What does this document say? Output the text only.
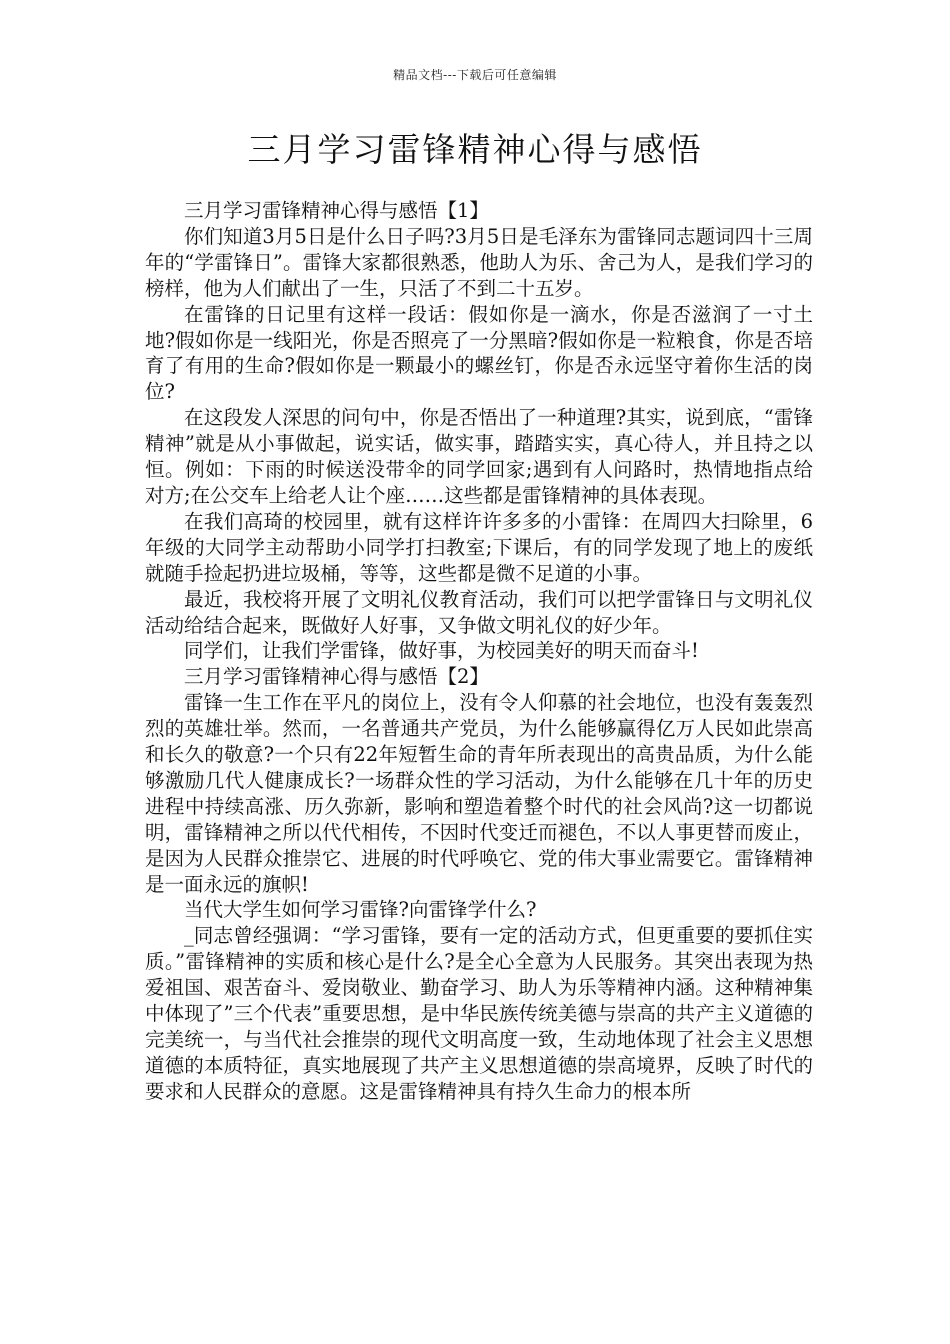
精品文档---下载后可任意编辑
三月学习雷锋精神心得与感悟

三月学习雷锋精神心得与感悟【1】

你们知道3月5日是什么日子吗?3月5日是毛泽东为雷锋同志题词四十三周年的“学雷锋日”。雷锋大家都很熟悉，他助人为乐、舍己为人，是我们学习的榜样，他为人们献出了一生，只活了不到二十五岁。

在雷锋的日记里有这样一段话：假如你是一滴水，你是否滋润了一寸土地?假如你是一线阳光，你是否照亮了一分黑暗?假如你是一粒粮食，你是否培育了有用的生命?假如你是一颗最小的螺丝钉，你是否永远坚守着你生活的岗位?

在这段发人深思的问句中，你是否悟出了一种道理?其实，说到底，“雷锋精神”就是从小事做起，说实话，做实事，踏踏实实，真心待人，并且持之以恒。例如：下雨的时候送没带伞的同学回家;遇到有人问路时，热情地指点给对方;在公交车上给老人让个座……这些都是雷锋精神的具体表现。

在我们高琦的校园里，就有这样许许多多的小雷锋：在周四大扫除里，6年级的大同学主动帮助小同学打扫教室;下课后，有的同学发现了地上的废纸就随手捡起扔进垃圾桶，等等，这些都是微不足道的小事。

最近，我校将开展了文明礼仪教育活动，我们可以把学雷锋日与文明礼仪活动给结合起来，既做好人好事，又争做文明礼仪的好少年。

同学们，让我们学雷锋，做好事，为校园美好的明天而奋斗!

三月学习雷锋精神心得与感悟【2】

雷锋一生工作在平凡的岗位上，没有令人仰慕的社会地位，也没有轰轰烈烈的英雄壮举。然而，一名普通共产党员，为什么能够赢得亿万人民如此崇高和长久的敬意?一个只有22年短暂生命的青年所表现出的高贵品质，为什么能够激励几代人健康成长?一场群众性的学习活动，为什么能够在几十年的历史进程中持续高涨、历久弥新，影响和塑造着整个时代的社会风尚?这一切都说明，雷锋精神之所以代代相传，不因时代变迁而褪色，不以人事更替而废止，是因为人民群众推崇它、进展的时代呼唤它、党的伟大事业需要它。雷锋精神是一面永远的旗帜!

当代大学生如何学习雷锋?向雷锋学什么?

_同志曾经强调：“学习雷锋，要有一定的活动方式，但更重要的要抓住实质。”雷锋精神的实质和核心是什么?是全心全意为人民服务。其突出表现为热爱祖国、艰苦奋斗、爱岗敬业、勤奋学习、助人为乐等精神内涵。这种精神集中体现了”三个代表”重要思想，是中华民族传统美德与崇高的共产主义道德的完美统一，与当代社会推崇的现代文明高度一致，生动地体现了社会主义思想道德的本质特征，真实地展现了共产主义思想道德的崇高境界，反映了时代的要求和人民群众的意愿。这是雷锋精神具有持久生命力的根本所
